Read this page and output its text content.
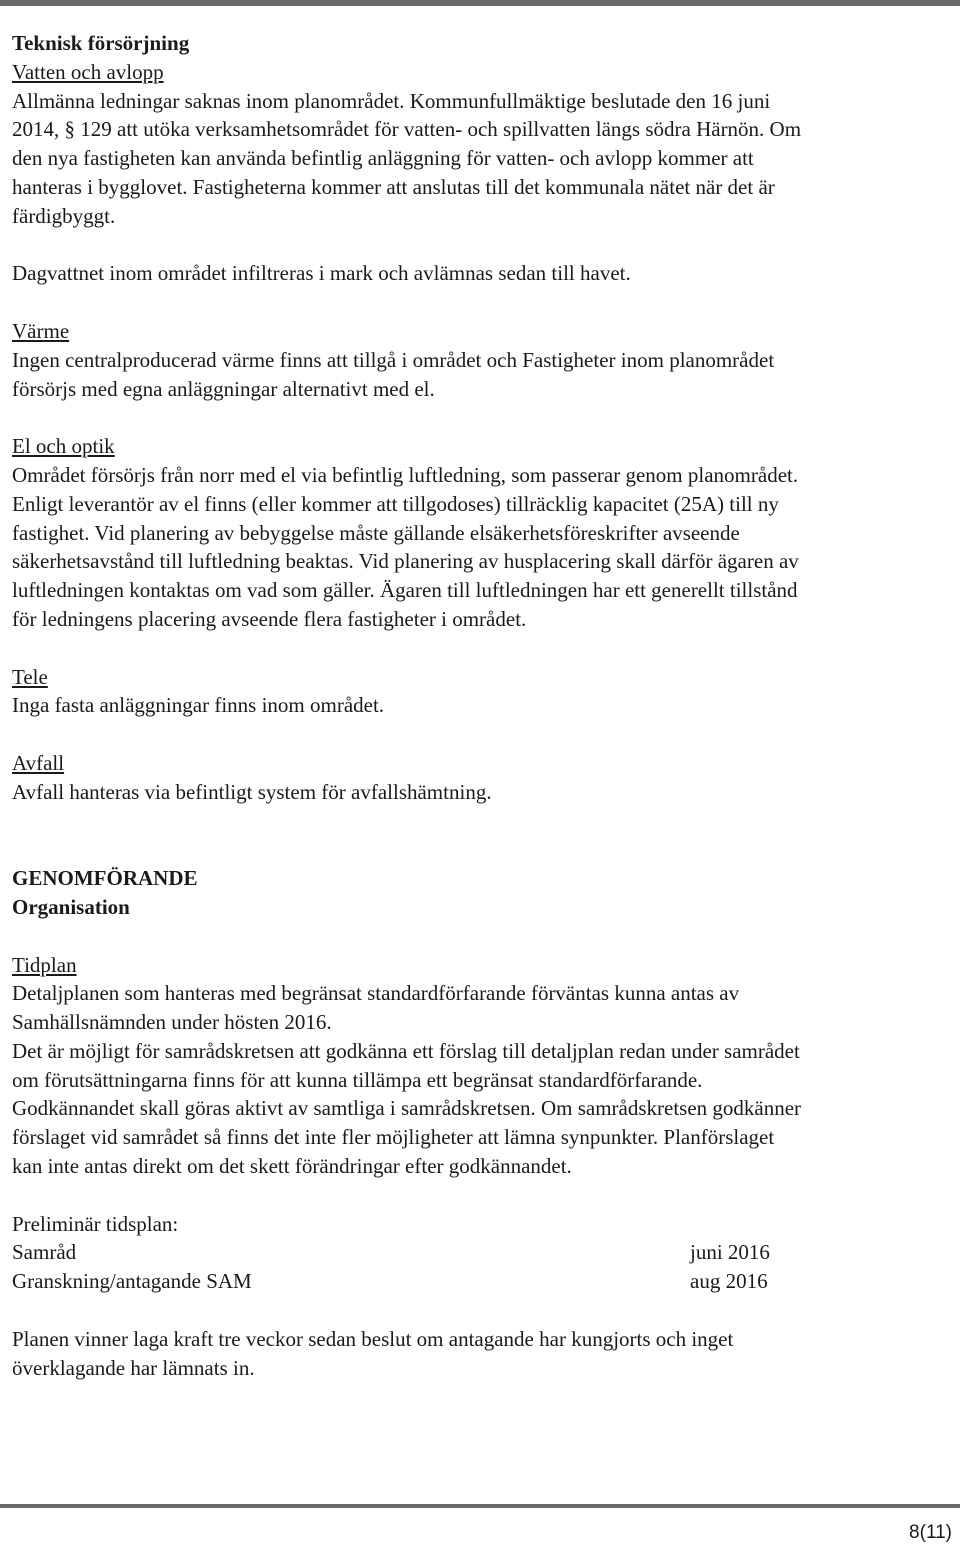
Teknisk försörjning

Vatten och avlopp

Allmänna ledningar saknas inom planområdet. Kommunfullmäktige beslutade den 16 juni

2014, § 129 att utöka verksamhetsområdet för vatten- och spillvatten längs södra Härnön. Om

den nya fastigheten kan använda befintlig anläggning för vatten- och avlopp kommer att

hanteras i bygglovet. Fastigheterna kommer att anslutas till det kommunala nätet när det är

färdigbyggt.

Dagvattnet inom området infiltreras i mark och avlämnas sedan till havet.

Värme

Ingen centralproducerad värme finns att tillgå i området och Fastigheter inom planområdet

försörjs med egna anläggningar alternativt med el.

El och optik

Området försörjs från norr med el via befintlig luftledning, som passerar genom planområdet.

Enligt leverantör av el finns (eller kommer att tillgodoses) tillräcklig kapacitet (25A) till ny

fastighet. Vid planering av bebyggelse måste gällande elsäkerhetsföreskrifter avseende

säkerhetsavstånd till luftledning beaktas. Vid planering av husplacering skall därför ägaren av

luftledningen kontaktas om vad som gäller. Ägaren till luftledningen har ett generellt tillstånd

för ledningens placering avseende flera fastigheter i området.

Tele

Inga fasta anläggningar finns inom området.

Avfall

Avfall hanteras via befintligt system för avfallshämtning.

GENOMFÖRANDE

Organisation

Tidplan

Detaljplanen som hanteras med begränsat standardförfarande förväntas kunna antas av

Samhällsnämnden under hösten 2016.

Det är möjligt för samrådskretsen att godkänna ett förslag till detaljplan redan under samrådet

om förutsättningarna finns för att kunna tillämpa ett begränsat standardförfarande.

Godkännandet skall göras aktivt av samtliga i samrådskretsen. Om samrådskretsen godkänner

förslaget vid samrådet så finns det inte fler möjligheter att lämna synpunkter. Planförslaget

kan inte antas direkt om det skett förändringar efter godkännandet.

Preliminär tidsplan:

Samråd	juni 2016
Granskning/antagande SAM	aug 2016

Planen vinner laga kraft tre veckor sedan beslut om antagande har kungjorts och inget

överklagande har lämnats in.

8(11)
